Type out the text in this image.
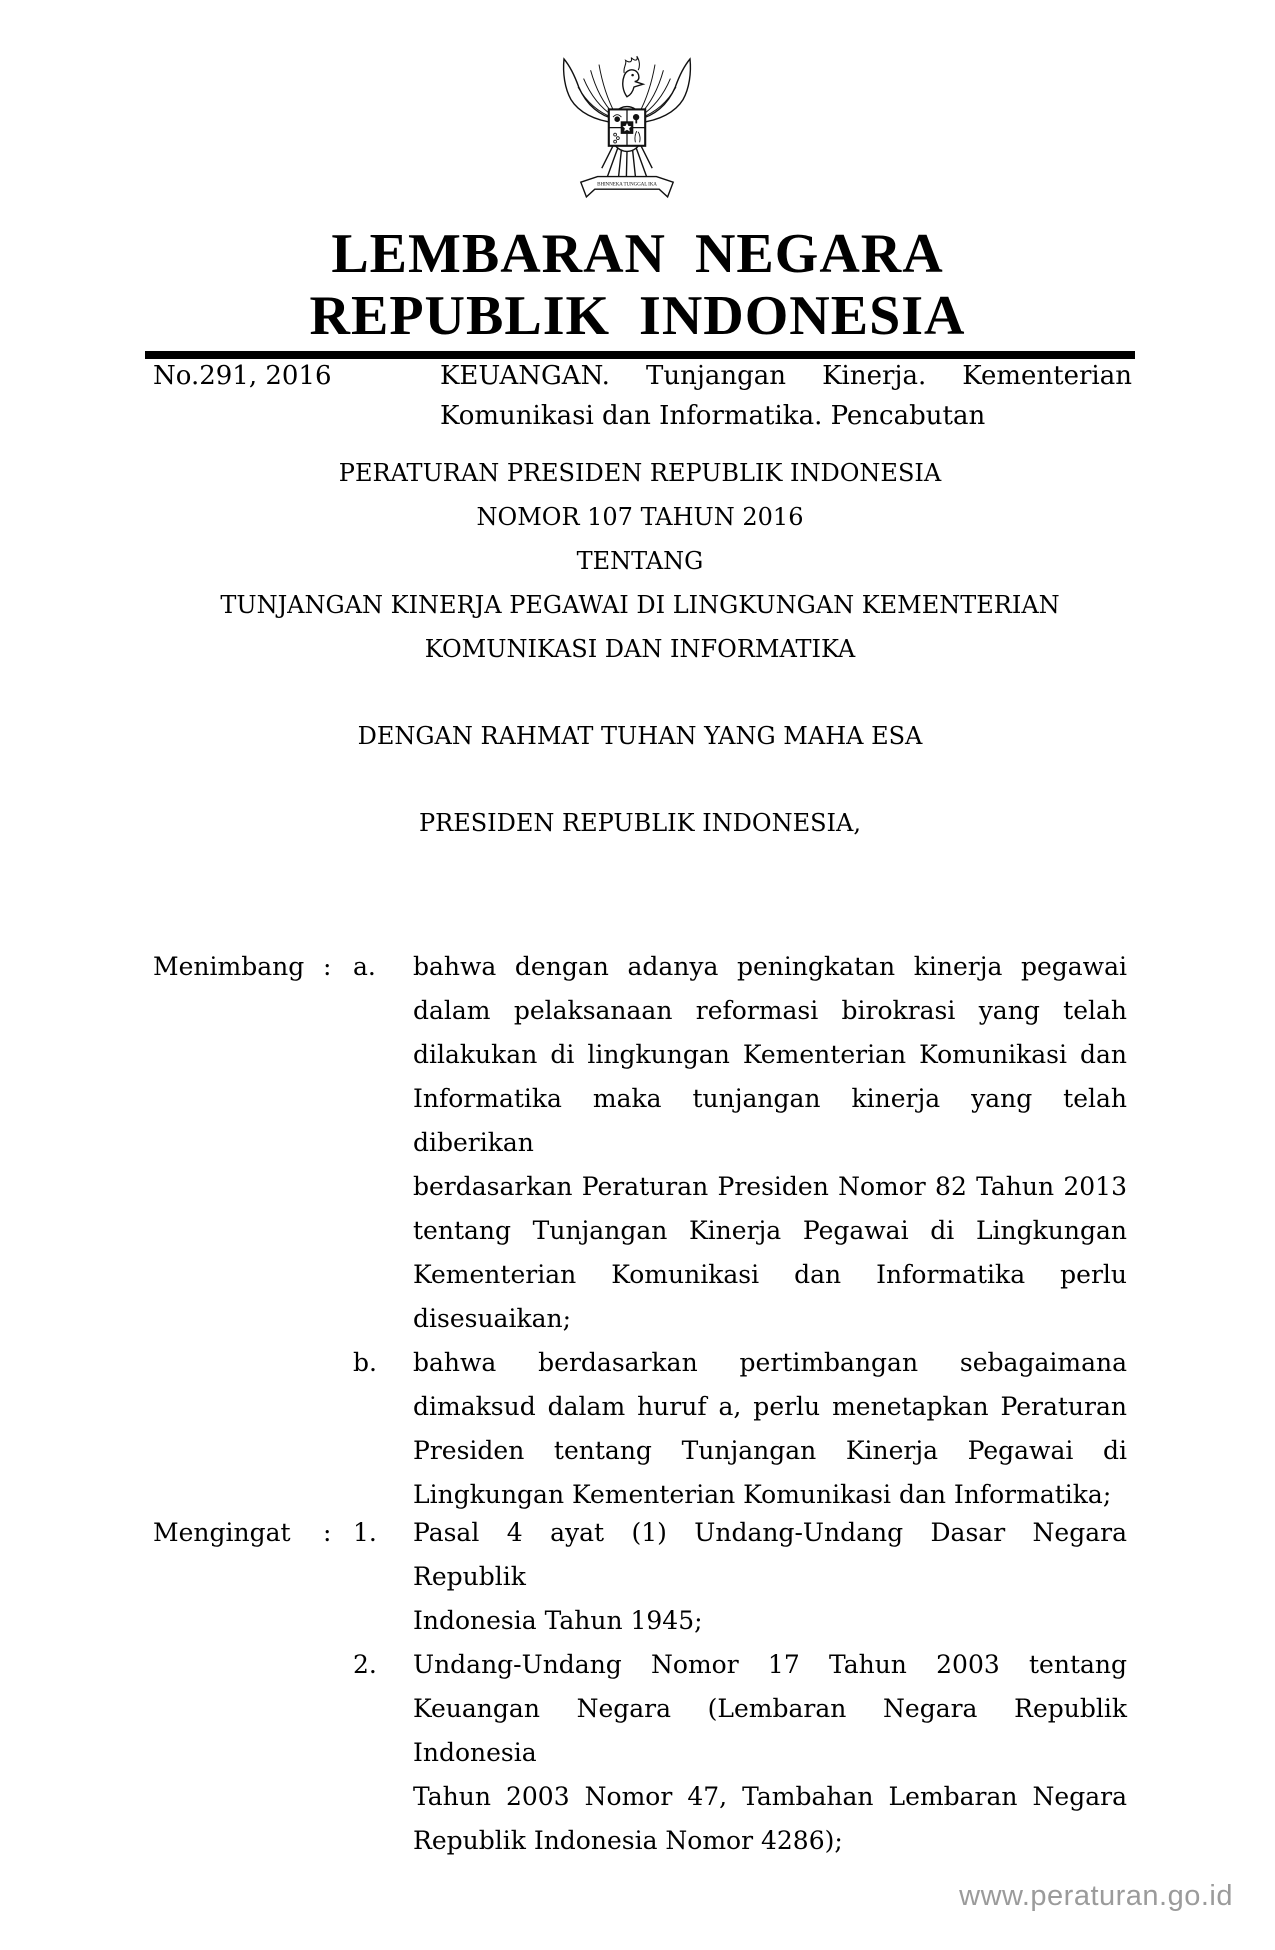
BHINNEKA TUNGGAL IKA
LEMBARAN NEGARA
REPUBLIK INDONESIA
No.291, 2016	KEUANGAN. Tunjangan Kinerja. Kementerian
Komunikasi dan Informatika. Pencabutan
PERATURAN PRESIDEN REPUBLIK INDONESIA
NOMOR 107 TAHUN 2016
TENTANG
TUNJANGAN KINERJA PEGAWAI DI LINGKUNGAN KEMENTERIAN
KOMUNIKASI DAN INFORMATIKA
DENGAN RAHMAT TUHAN YANG MAHA ESA
PRESIDEN REPUBLIK INDONESIA,
Menimbang : a.	bahwa dengan adanya peningkatan kinerja pegawai
dalam pelaksanaan reformasi birokrasi yang telah
dilakukan di lingkungan Kementerian Komunikasi dan
Informatika maka tunjangan kinerja yang telah diberikan
berdasarkan Peraturan Presiden Nomor 82 Tahun 2013
tentang Tunjangan Kinerja Pegawai di Lingkungan
Kementerian Komunikasi dan Informatika perlu
disesuaikan;
b.	bahwa berdasarkan pertimbangan sebagaimana
dimaksud dalam huruf a, perlu menetapkan Peraturan
Presiden tentang Tunjangan Kinerja Pegawai di
Lingkungan Kementerian Komunikasi dan Informatika;
Mengingat	: 1.	Pasal 4 ayat (1) Undang-Undang Dasar Negara Republik
Indonesia Tahun 1945;
2.	Undang-Undang Nomor 17 Tahun 2003 tentang
Keuangan Negara (Lembaran Negara Republik Indonesia
Tahun 2003 Nomor 47, Tambahan Lembaran Negara
Republik Indonesia Nomor 4286);
www.peraturan.go.id
